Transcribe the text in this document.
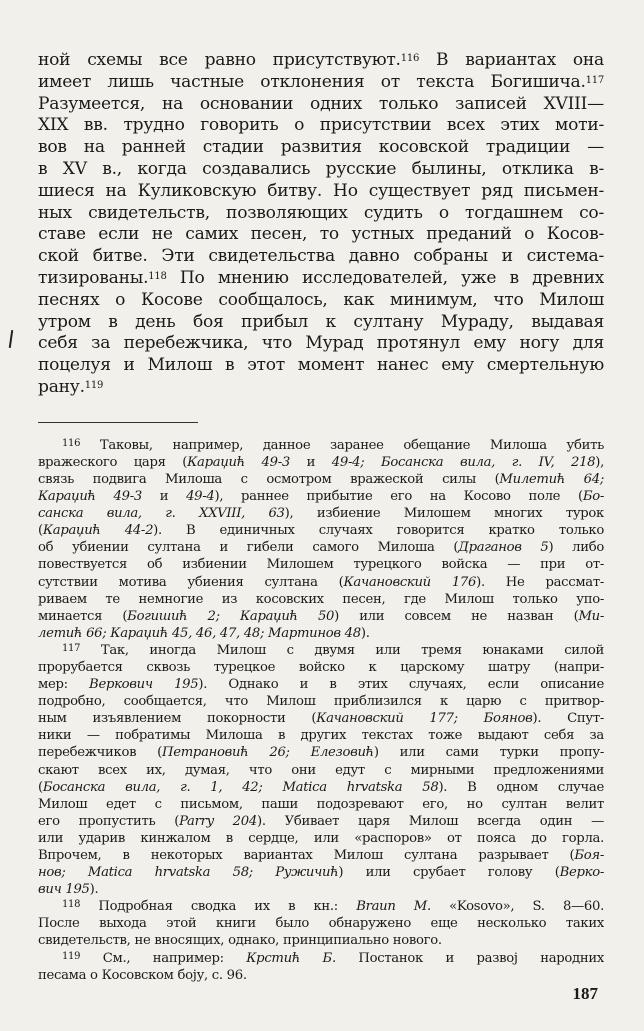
ной схемы все равно присутствуют.$^{116}$ В вариантах она
имеет лишь частные отклонения от текста Богишича.$^{117}$
Разумеется, на основании одних только записей XVIII—
XIX вв. трудно говорить о присутствии всех этих моти-
вов на ранней стадии развития косовской традиции —
в XV в., когда создавались русские былины, отклика в-
шиеся на Куликовскую битву. Но существует ряд письмен-
ных свидетельств, позволяющих судить о тогдашнем со-
ставе если не самих песен, то устных преданий о Косов-
ской битве. Эти свидетельства давно собраны и система-
тизированы.$^{118}$ По мнению исследователей, уже в древних
песнях о Косове сообщалось, как минимум, что Милош
утром в день боя прибыл к султану Мураду, выдавая
себя за перебежчика, что Мурад протянул ему ногу для
поцелуя и Милош в этот момент нанес ему смертельную
рану.$^{119}$
$^{116}$ Таковы, например, данное заранее обещание Милоша убить
вражеского царя (Караџић 49-3 и 49-4; Босанска вила, г. IV, 218),
связь подвига Милоша с осмотром вражеской силы (Милетић 64;
Караџић 49-3 и 49-4), раннее прибытие его на Косово поле (Бо-
санска вила, г. XXVIII, 63), избиение Милошем многих турок
(Караџић 44-2). В единичных случаях говорится кратко только
об убиении султана и гибели самого Милоша (Драганов 5) либо
повествуется об избиении Милошем турецкого войска — при от-
сутствии мотива убиения султана (Качановский 176). Не рассмат-
риваем те немногие из косовских песен, где Милош только упо-
минается (Богишић 2; Караџић 50) или совсем не назван (Ми-
летић 66; Караџић 45, 46, 47, 48; Мартинов 48).
$^{117}$ Так, иногда Милош с двумя или тремя юнаками силой
прорубается сквозь турецкое войско к царскому шатру (напри-
мер: Веркович 195). Однако и в этих случаях, если описание
подробно, сообщается, что Милош приблизился к царю с притвор-
ным изъявлением покорности (Качановский 177; Боянов). Спут-
ники — побратимы Милоша в других текстах тоже выдают себя за
перебежчиков (Петрановић 26; Елезовић) или сами турки пропу-
скают всех их, думая, что они едут с мирными предложениями
(Босанска вила, г. 1, 42; Matica hrvatska 58). В одном случае
Милош едет с письмом, паши подозревают его, но султан велит
его пропустить (Parry 204). Убивает царя Милош всегда один —
или ударив кинжалом в сердце, или «распоров» от пояса до горла.
Впрочем, в некоторых вариантах Милош султана разрывает (Боя-
нов; Matica hrvatska 58; Ружичић) или срубает голову (Верко-
вич 195).
$^{118}$ Подробная сводка их в кн.: Braun M. «Kosovo», S. 8—60.
После выхода этой книги было обнаружено еще несколько таких
свидетельств, не вносящих, однако, принципиально нового.
$^{119}$ См., например: Крстић Б. Постанок и развој народних
песама о Косовском боју, с. 96.
187
